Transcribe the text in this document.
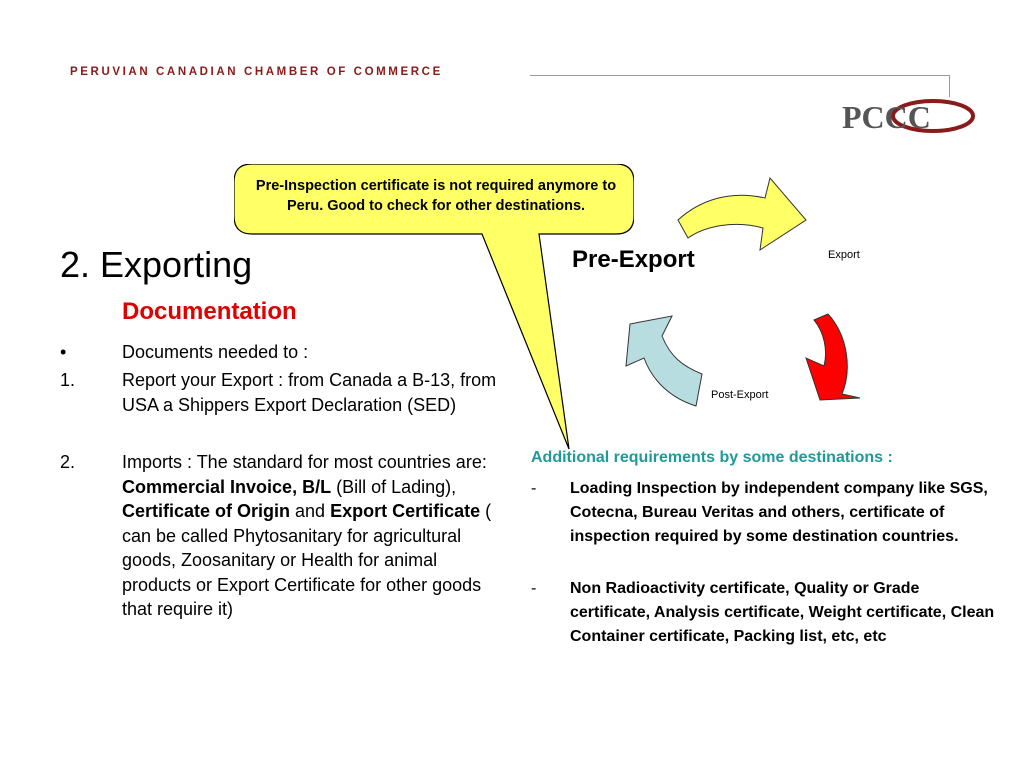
PERUVIAN CANADIAN CHAMBER OF COMMERCE
PCCC
Pre-Export	Export
Post-Export
2. Exporting
Documentation
•	Documents needed to :
1.	Report your Export : from Canada a B-13, from USA a Shippers Export Declaration (SED)
2.	Imports : The standard for most countries are: Commercial Invoice, B/L (Bill of Lading), Certificate of Origin and Export Certificate ( can be called Phytosanitary for agricultural goods, Zoosanitary or Health for animal products or Export Certificate for other goods that require it)
Pre-Inspection certificate is not required anymore to Peru. Good to check for other destinations.
Additional requirements by some destinations :
- Loading Inspection by independent company like SGS, Cotecna, Bureau Veritas and others, certificate of inspection required by some destination countries.
- Non Radioactivity certificate, Quality or Grade certificate, Analysis certificate, Weight certificate, Clean Container certificate, Packing list, etc, etc
